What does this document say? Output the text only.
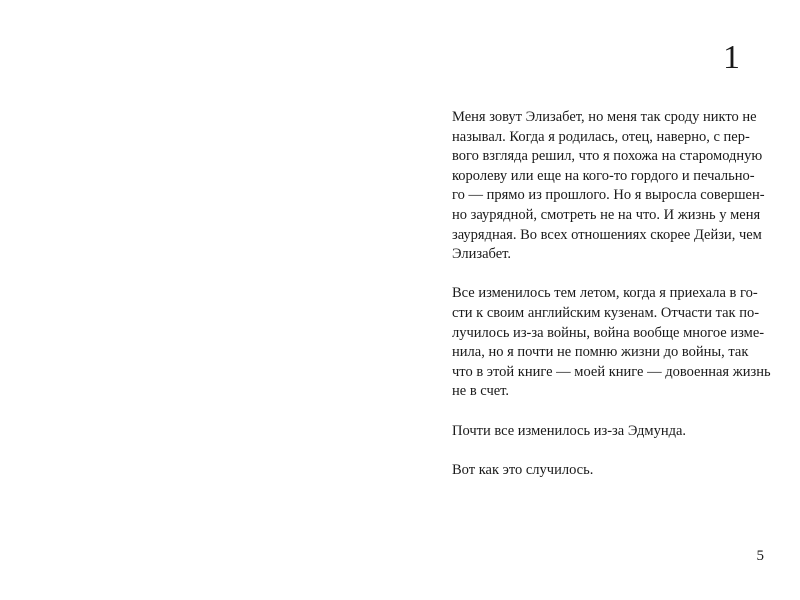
1

Меня зовут Элизабет, но меня так сроду никто не
называл. Когда я родилась, отец, наверно, с пер-
вого взгляда решил, что я похожа на старомодную
королеву или еще на кого-то гордого и печально-
го — прямо из прошлого. Но я выросла совершен-
но заурядной, смотреть не на что. И жизнь у меня
заурядная. Во всех отношениях скорее Дейзи, чем
Элизабет.

Все изменилось тем летом, когда я приехала в го-
сти к своим английским кузенам. Отчасти так по-
лучилось из-за войны, война вообще многое изме-
нила, но я почти не помню жизни до войны, так
что в этой книге — моей книге — довоенная жизнь
не в счет.

Почти все изменилось из-за Эдмунда.

Вот как это случилось.

5
